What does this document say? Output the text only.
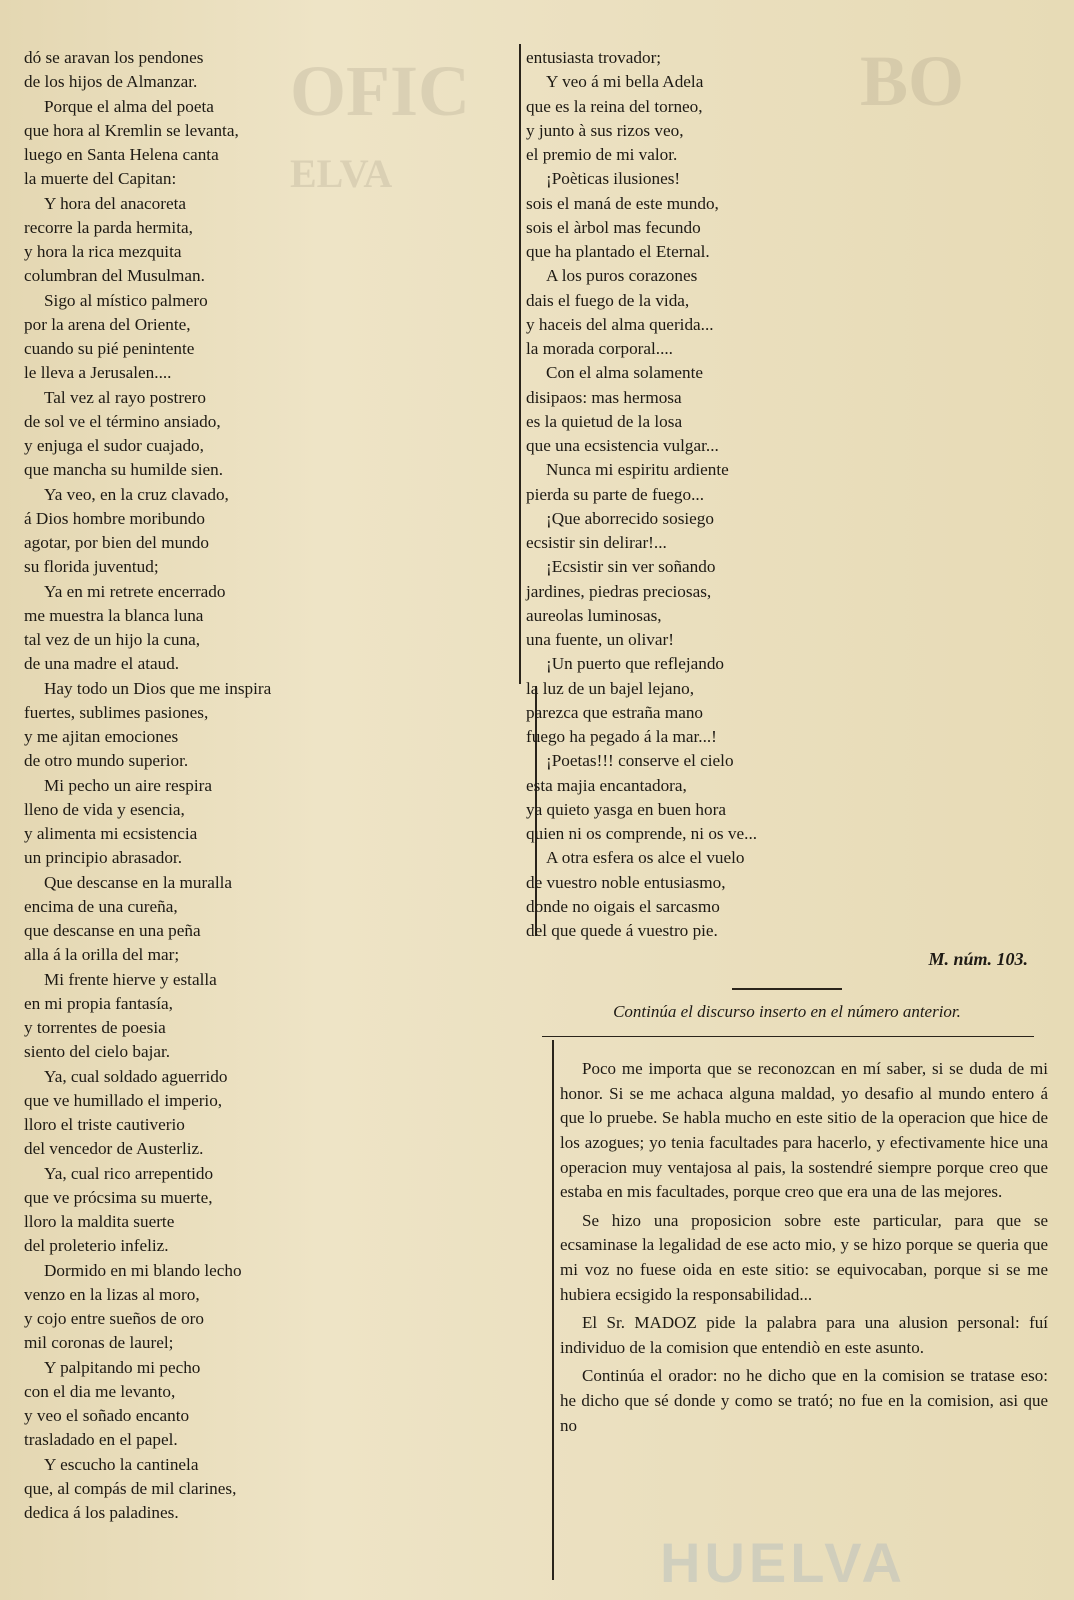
BO
OFIC
ELVA
dó se aravan los pendones
de los hijos de Almanzar.
Porque el alma del poeta
que hora al Kremlin se levanta,
luego en Santa Helena canta
la muerte del Capitan:
Y hora del anacoreta
recorre la parda hermita,
y hora la rica mezquita
columbran del Musulman.
Sigo al místico palmero
por la arena del Oriente,
cuando su pié penintente
le lleva a Jerusalen....
Tal vez al rayo postrero
de sol ve el término ansiado,
y enjuga el sudor cuajado,
que mancha su humilde sien.
Ya veo, en la cruz clavado,
á Dios hombre moribundo
agotar, por bien del mundo
su florida juventud;
Ya en mi retrete encerrado
me muestra la blanca luna
tal vez de un hijo la cuna,
de una madre el ataud.
Hay todo un Dios que me inspira
fuertes, sublimes pasiones,
y me ajitan emociones
de otro mundo superior.
Mi pecho un aire respira
lleno de vida y esencia,
y alimenta mi ecsistencia
un principio abrasador.
Que descanse en la muralla
encima de una cureña,
que descanse en una peña
alla á la orilla del mar;
Mi frente hierve y estalla
en mi propia fantasía,
y torrentes de poesia
siento del cielo bajar.
Ya, cual soldado aguerrido
que ve humillado el imperio,
lloro el triste cautiverio
del vencedor de Austerliz.
Ya, cual rico arrepentido
que ve prócsima su muerte,
lloro la maldita suerte
del proleterio infeliz.
Dormido en mi blando lecho
venzo en la lizas al moro,
y cojo entre sueños de oro
mil coronas de laurel;
Y palpitando mi pecho
con el dia me levanto,
y veo el soñado encanto
trasladado en el papel.
Y escucho la cantinela
que, al compás de mil clarines,
dedica á los paladines.
entusiasta trovador;
Y veo á mi bella Adela
que es la reina del torneo,
y junto à sus rizos veo,
el premio de mi valor.
¡Poèticas ilusiones!
sois el maná de este mundo,
sois el àrbol mas fecundo
que ha plantado el Eternal.
A los puros corazones
dais el fuego de la vida,
y haceis del alma querida...
la morada corporal....
Con el alma solamente
disipaos: mas hermosa
es la quietud de la losa
que una ecsistencia vulgar...
Nunca mi espiritu ardiente
pierda su parte de fuego...
¡Que aborrecido sosiego
ecsistir sin delirar!...
¡Ecsistir sin ver soñando
jardines, piedras preciosas,
aureolas luminosas,
una fuente, un olivar!
¡Un puerto que reflejando
la luz de un bajel lejano,
parezca que estraña mano
fuego ha pegado á la mar...!
¡Poetas!!! conserve el cielo
esta majia encantadora,
ya quieto yasga en buen hora
quien ni os comprende, ni os ve...
A otra esfera os alce el vuelo
de vuestro noble entusiasmo,
donde no oigais el sarcasmo
del que quede á vuestro pie.
M. núm. 103.
Continúa el discurso inserto en el número anterior.

Poco me importa que se reconozcan en mí saber, si se duda de mi honor. Si se me achaca alguna maldad, yo desafio al mundo entero á que lo pruebe. Se habla mucho en este sitio de la operacion que hice de los azogues; yo tenia facultades para hacerlo, y efectivamente hice una operacion muy ventajosa al pais, la sostendré siempre porque creo que estaba en mis facultades, porque creo que era una de las mejores.

Se hizo una proposicion sobre este particular, para que se ecsaminase la legalidad de ese acto mio, y se hizo porque se queria que mi voz no fuese oida en este sitio: se equivocaban, porque si se me hubiera ecsigido la responsabilidad...

El Sr. MADOZ pide la palabra para una alusion personal: fuí individuo de la comision que entendiò en este asunto.

Continúa el orador: no he dicho que en la comision se tratase eso: he dicho que sé donde y como se trató; no fue en la comision, asi que no

HUELVA
